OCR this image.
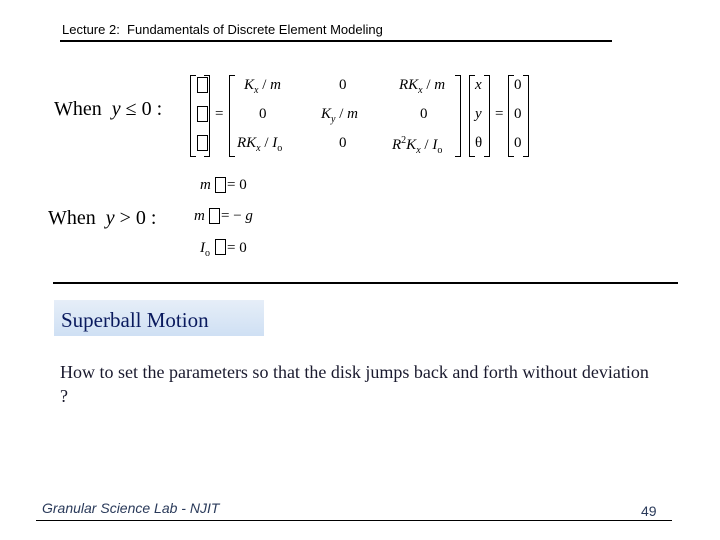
Lecture 2:  Fundamentals of Discrete Element Modeling
When  y ≤ 0 :	=
$K_x$ / m	0	$RK_x$ / m
0	$K_y$ / m	0
$RK_x / I_o$	0	$R^2K_x / I_o$
x
y
θ
=
0
0
0
When  y > 0 :
m = 0
m = − g
$I_o = 0$
Superball Motion
How to set the parameters so that the disk jumps back and forth without deviation ?
Granular Science Lab - NJIT	49
